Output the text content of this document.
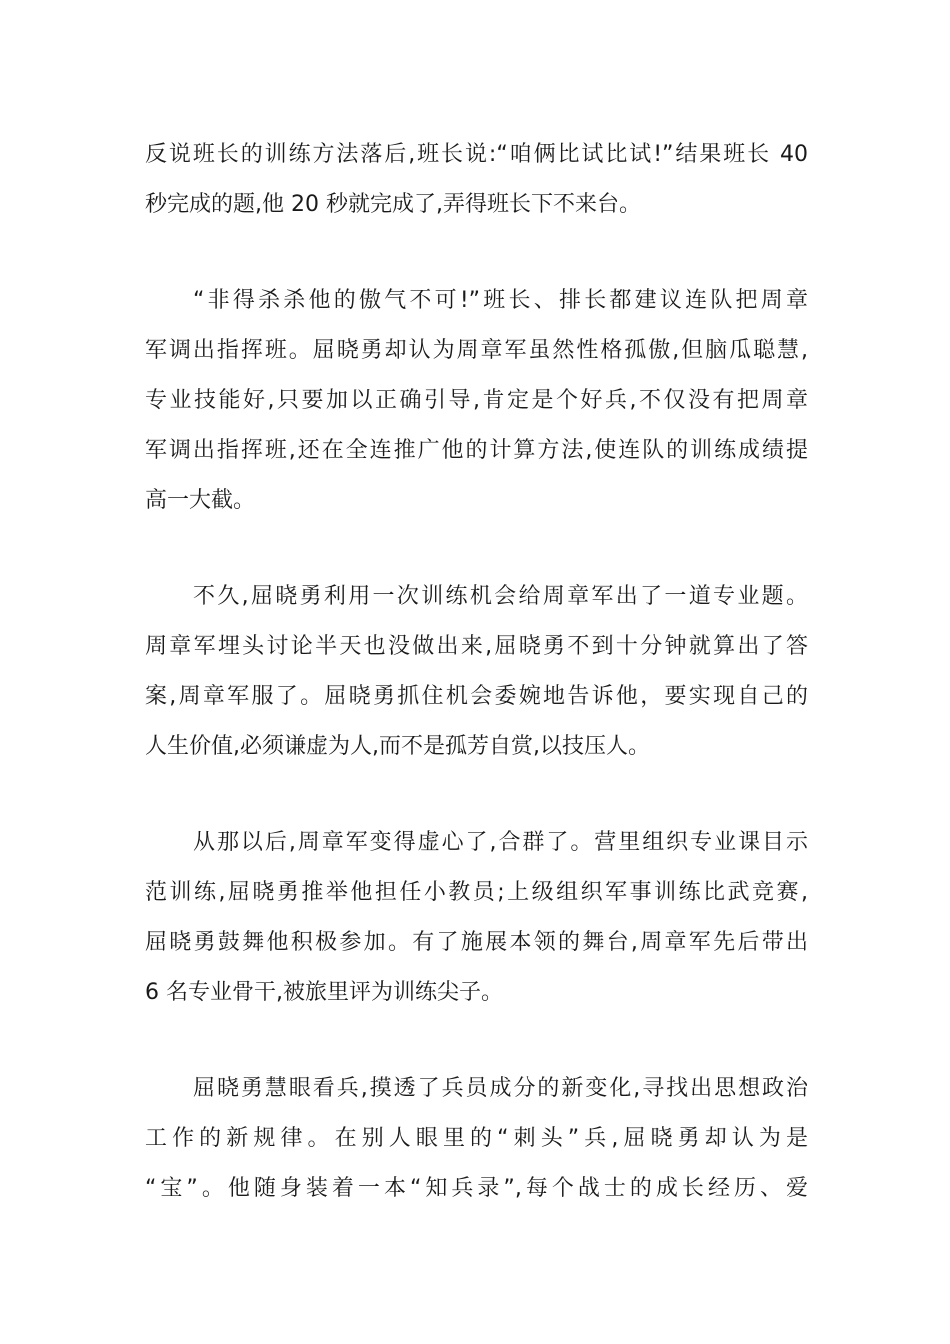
反说班长的训练方法落后,班长说:“咱俩比试比试!”结果班长 40
秒完成的题,他 20 秒就完成了,弄得班长下不来台。

“非得杀杀他的傲气不可!”班长、排长都建议连队把周章
军调出指挥班。屈晓勇却认为周章军虽然性格孤傲,但脑瓜聪慧,
专业技能好,只要加以正确引导,肯定是个好兵,不仅没有把周章
军调出指挥班,还在全连推广他的计算方法,使连队的训练成绩提
高一大截。

不久,屈晓勇利用一次训练机会给周章军出了一道专业题。
周章军埋头讨论半天也没做出来,屈晓勇不到十分钟就算出了答
案,周章军服了。屈晓勇抓住机会委婉地告诉他，要实现自己的
人生价值,必须谦虚为人,而不是孤芳自赏,以技压人。

从那以后,周章军变得虚心了,合群了。营里组织专业课目示
范训练,屈晓勇推举他担任小教员;上级组织军事训练比武竞赛,
屈晓勇鼓舞他积极参加。有了施展本领的舞台,周章军先后带出
6 名专业骨干,被旅里评为训练尖子。

屈晓勇慧眼看兵,摸透了兵员成分的新变化,寻找出思想政治
工作的新规律。在别人眼里的“刺头”兵,屈晓勇却认为是
“宝”。他随身装着一本“知兵录”,每个战士的成长经历、爱
